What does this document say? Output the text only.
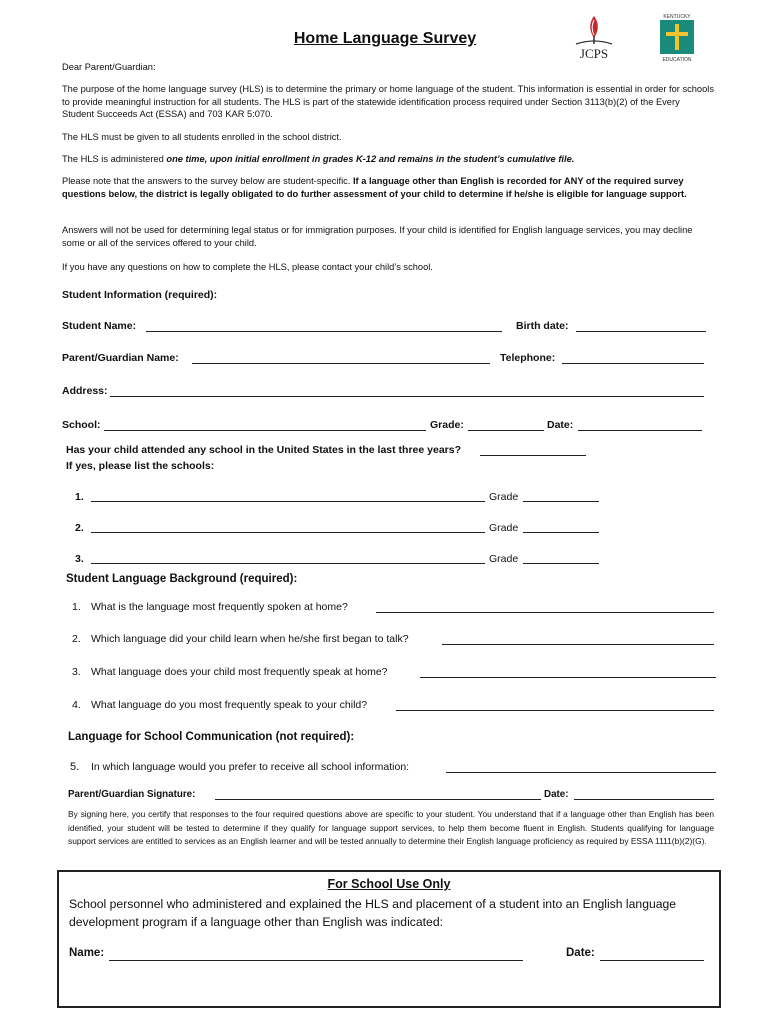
JCPS
KENTUCKY
EDUCATION
Home Language Survey
Dear Parent/Guardian:
The purpose of the home language survey (HLS) is to determine the primary or home language of the student. This information is essential in order for schools to provide meaningful instruction for all students. The HLS is part of the statewide identification process required under Section 3113(b)(2) of the Every Student Succeeds Act (ESSA) and 703 KAR 5:070.
The HLS must be given to all students enrolled in the school district.
The HLS is administered one time, upon initial enrollment in grades K-12 and remains in the student’s cumulative file.
Please note that the answers to the survey below are student-specific. If a language other than English is recorded for ANY of the required survey questions below, the district is legally obligated to do further assessment of your child to determine if he/she is eligible for language support.
Answers will not be used for determining legal status or for immigration purposes. If your child is identified for English language services, you may decline some or all of the services offered to your child.
If you have any questions on how to complete the HLS, please contact your child’s school.
Student Information (required):
Student Name:	Birth date:
Parent/Guardian Name:	Telephone:
Address:
School:	Grade:	Date:
Has your child attended any school in the United States in the last three years?
If yes, please list the schools:
1.	Grade
2.	Grade
3.	Grade
Student Language Background (required):
1. What is the language most frequently spoken at home?
2. Which language did your child learn when he/she first began to talk?
3. What language does your child most frequently speak at home?
4. What language do you most frequently speak to your child?
Language for School Communication (not required):
5. In which language would you prefer to receive all school information:
Parent/Guardian Signature:	Date:
By signing here, you certify that responses to the four required questions above are specific to your student. You understand that if a language other than English has been identified, your student will be tested to determine if they qualify for language support services, to help them become fluent in English. Students qualifying for language support services are entitled to services as an English learner and will be tested annually to determine their English language proficiency as required by ESSA 1111(b)(2)(G).
For School Use Only
School personnel who administered and explained the HLS and placement of a student into an English language development program if a language other than English was indicated:
Name:	Date:
